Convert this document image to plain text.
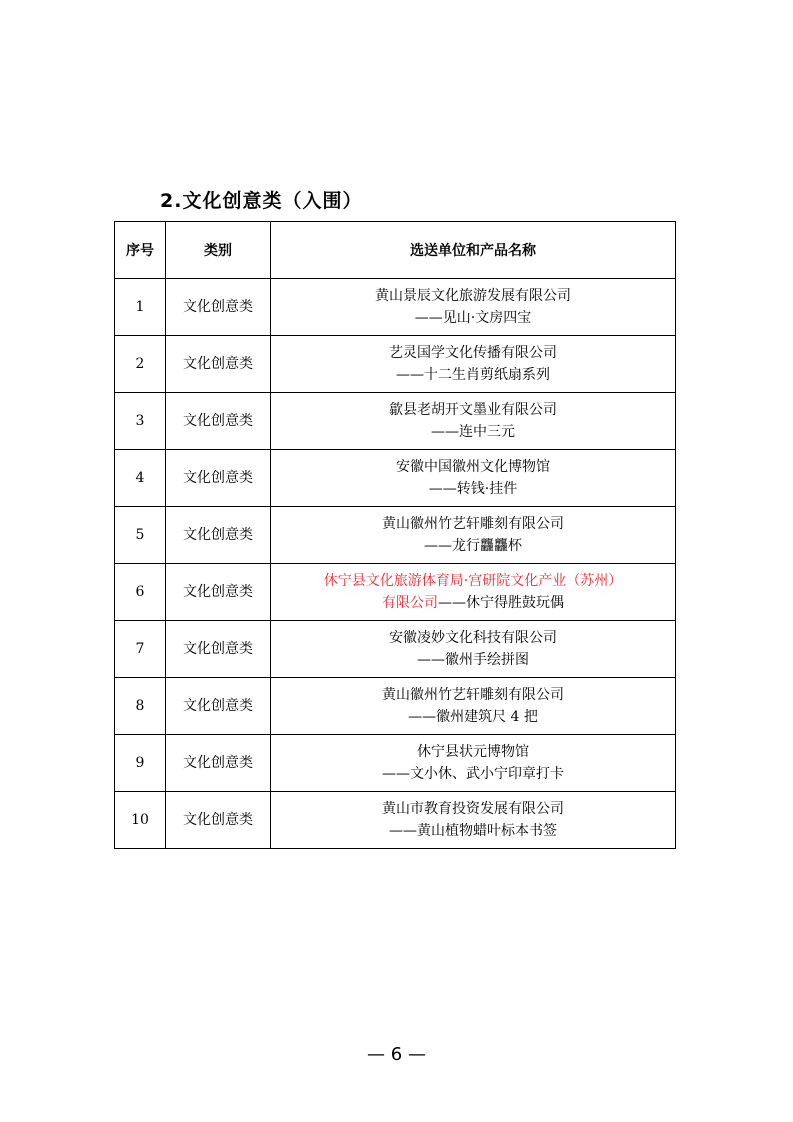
2.文化创意类（入围）
序号	类别	选送单位和产品名称
1	文化创意类	黄山景辰文化旅游发展有限公司
——见山·文房四宝

2	文化创意类	艺灵国学文化传播有限公司
——十二生肖剪纸扇系列

3	文化创意类	歙县老胡开文墨业有限公司
——连中三元

4	文化创意类	安徽中国徽州文化博物馆
——转钱·挂件

5	文化创意类	黄山徽州竹艺轩雕刻有限公司
——龙行龘龘杯

6	文化创意类	休宁县文化旅游体育局·宫研院文化产业（苏州）
有限公司——休宁得胜鼓玩偶

7	文化创意类	安徽凌妙文化科技有限公司
——徽州手绘拼图

8	文化创意类	黄山徽州竹艺轩雕刻有限公司
——徽州建筑尺 4 把

9	文化创意类	休宁县状元博物馆
——文小休、武小宁印章打卡

10	文化创意类	黄山市教育投资发展有限公司
——黄山植物蜡叶标本书签
— 6 —
